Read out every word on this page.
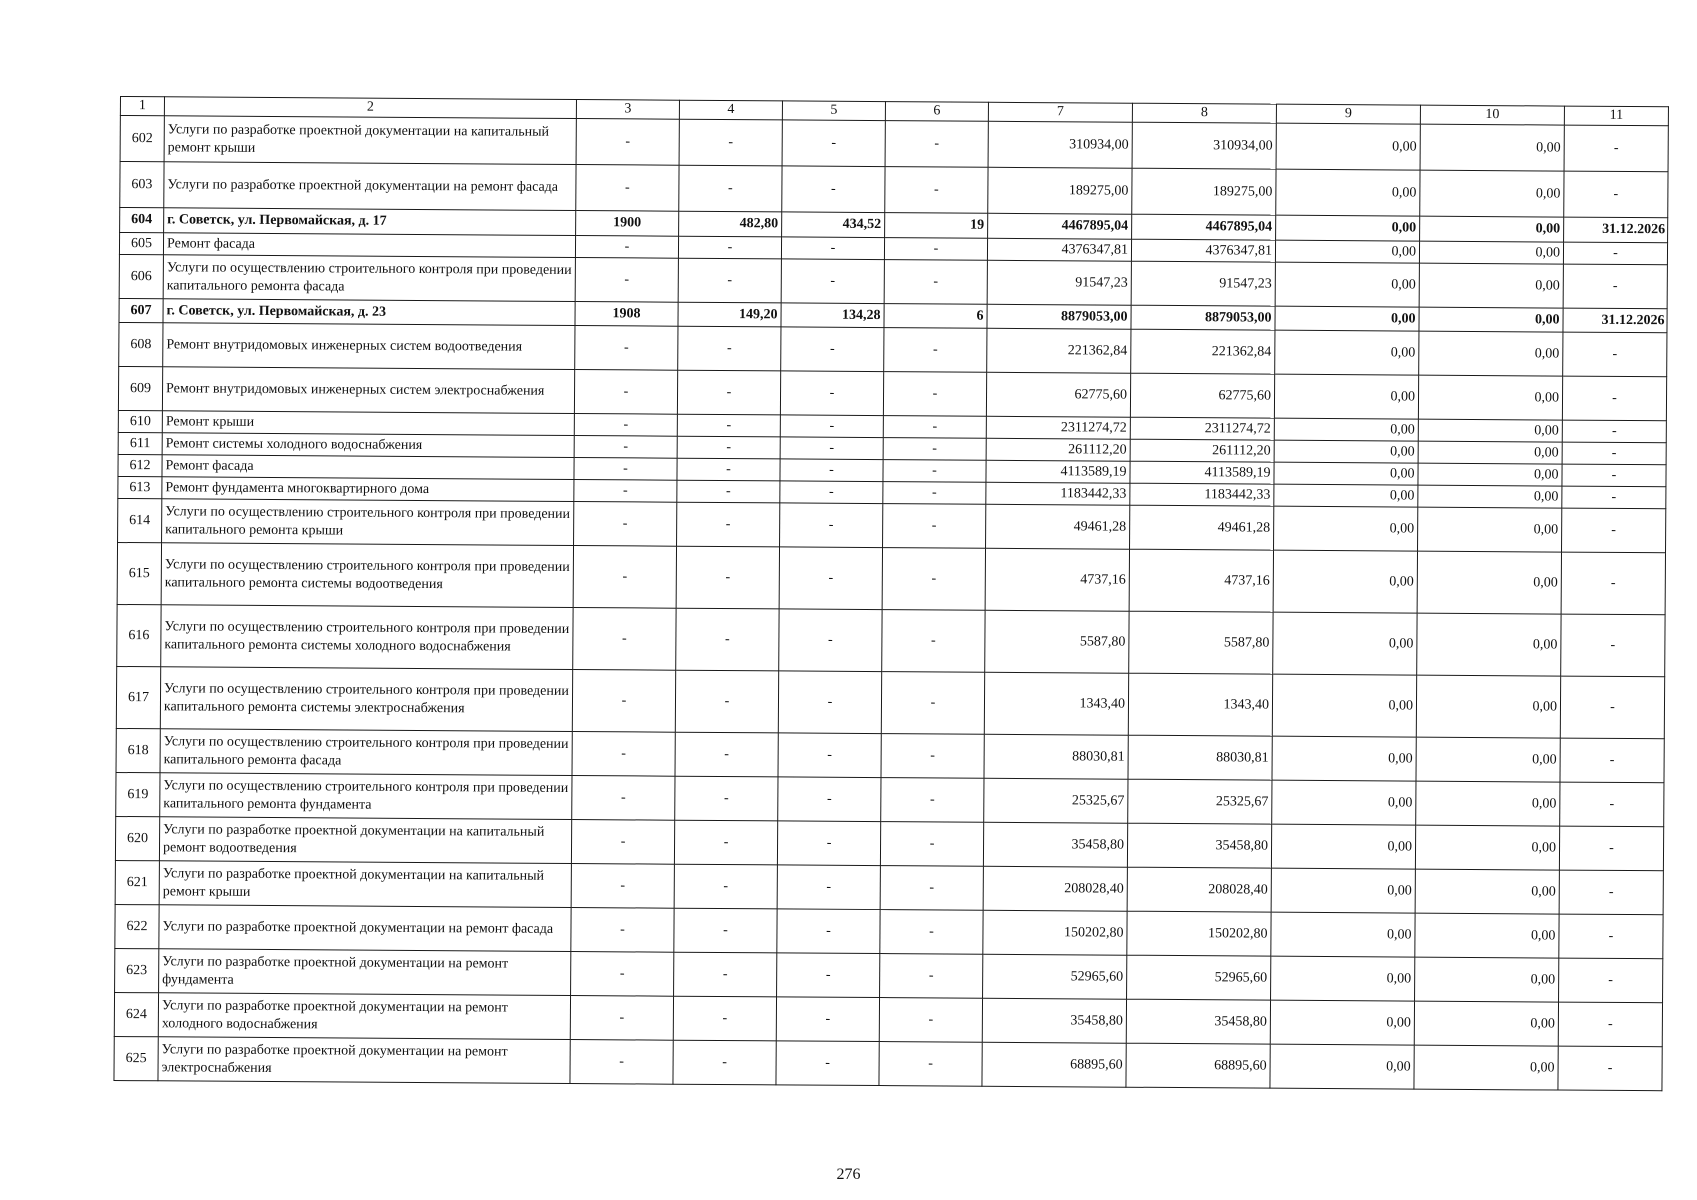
1	2	3	4	5	6	7	8	9	10	11
602	Услуги по разработке проектной документации на капитальный ремонт крыши	-	-	-	-	310934,00	310934,00	0,00	0,00	-
603	Услуги по разработке проектной документации на ремонт фасада	-	-	-	-	189275,00	189275,00	0,00	0,00	-
604	г. Советск, ул. Первомайская, д. 17	1900	482,80	434,52	19	4467895,04	4467895,04	0,00	0,00	31.12.2026
605	Ремонт фасада	-	-	-	-	4376347,81	4376347,81	0,00	0,00	-
606	Услуги по осуществлению строительного контроля при проведении капитального ремонта фасада	-	-	-	-	91547,23	91547,23	0,00	0,00	-
607	г. Советск, ул. Первомайская, д. 23	1908	149,20	134,28	6	8879053,00	8879053,00	0,00	0,00	31.12.2026
608	Ремонт внутридомовых инженерных систем водоотведения	-	-	-	-	221362,84	221362,84	0,00	0,00	-
609	Ремонт внутридомовых инженерных систем электроснабжения	-	-	-	-	62775,60	62775,60	0,00	0,00	-
610	Ремонт крыши	-	-	-	-	2311274,72	2311274,72	0,00	0,00	-
611	Ремонт системы холодного водоснабжения	-	-	-	-	261112,20	261112,20	0,00	0,00	-
612	Ремонт фасада	-	-	-	-	4113589,19	4113589,19	0,00	0,00	-
613	Ремонт фундамента многоквартирного дома	-	-	-	-	1183442,33	1183442,33	0,00	0,00	-
614	Услуги по осуществлению строительного контроля при проведении капитального ремонта крыши	-	-	-	-	49461,28	49461,28	0,00	0,00	-
615	Услуги по осуществлению строительного контроля при проведении капитального ремонта системы водоотведения	-	-	-	-	4737,16	4737,16	0,00	0,00	-
616	Услуги по осуществлению строительного контроля при проведении капитального ремонта системы холодного водоснабжения	-	-	-	-	5587,80	5587,80	0,00	0,00	-
617	Услуги по осуществлению строительного контроля при проведении капитального ремонта системы электроснабжения	-	-	-	-	1343,40	1343,40	0,00	0,00	-
618	Услуги по осуществлению строительного контроля при проведении капитального ремонта фасада	-	-	-	-	88030,81	88030,81	0,00	0,00	-
619	Услуги по осуществлению строительного контроля при проведении капитального ремонта фундамента	-	-	-	-	25325,67	25325,67	0,00	0,00	-
620	Услуги по разработке проектной документации на капитальный ремонт водоотведения	-	-	-	-	35458,80	35458,80	0,00	0,00	-
621	Услуги по разработке проектной документации на капитальный ремонт крыши	-	-	-	-	208028,40	208028,40	0,00	0,00	-
622	Услуги по разработке проектной документации на ремонт фасада	-	-	-	-	150202,80	150202,80	0,00	0,00	-
623	Услуги по разработке проектной документации на ремонт фундамента	-	-	-	-	52965,60	52965,60	0,00	0,00	-
624	Услуги по разработке проектной документации на ремонт холодного водоснабжения	-	-	-	-	35458,80	35458,80	0,00	0,00	-
625	Услуги по разработке проектной документации на ремонт электроснабжения	-	-	-	-	68895,60	68895,60	0,00	0,00	-
276
